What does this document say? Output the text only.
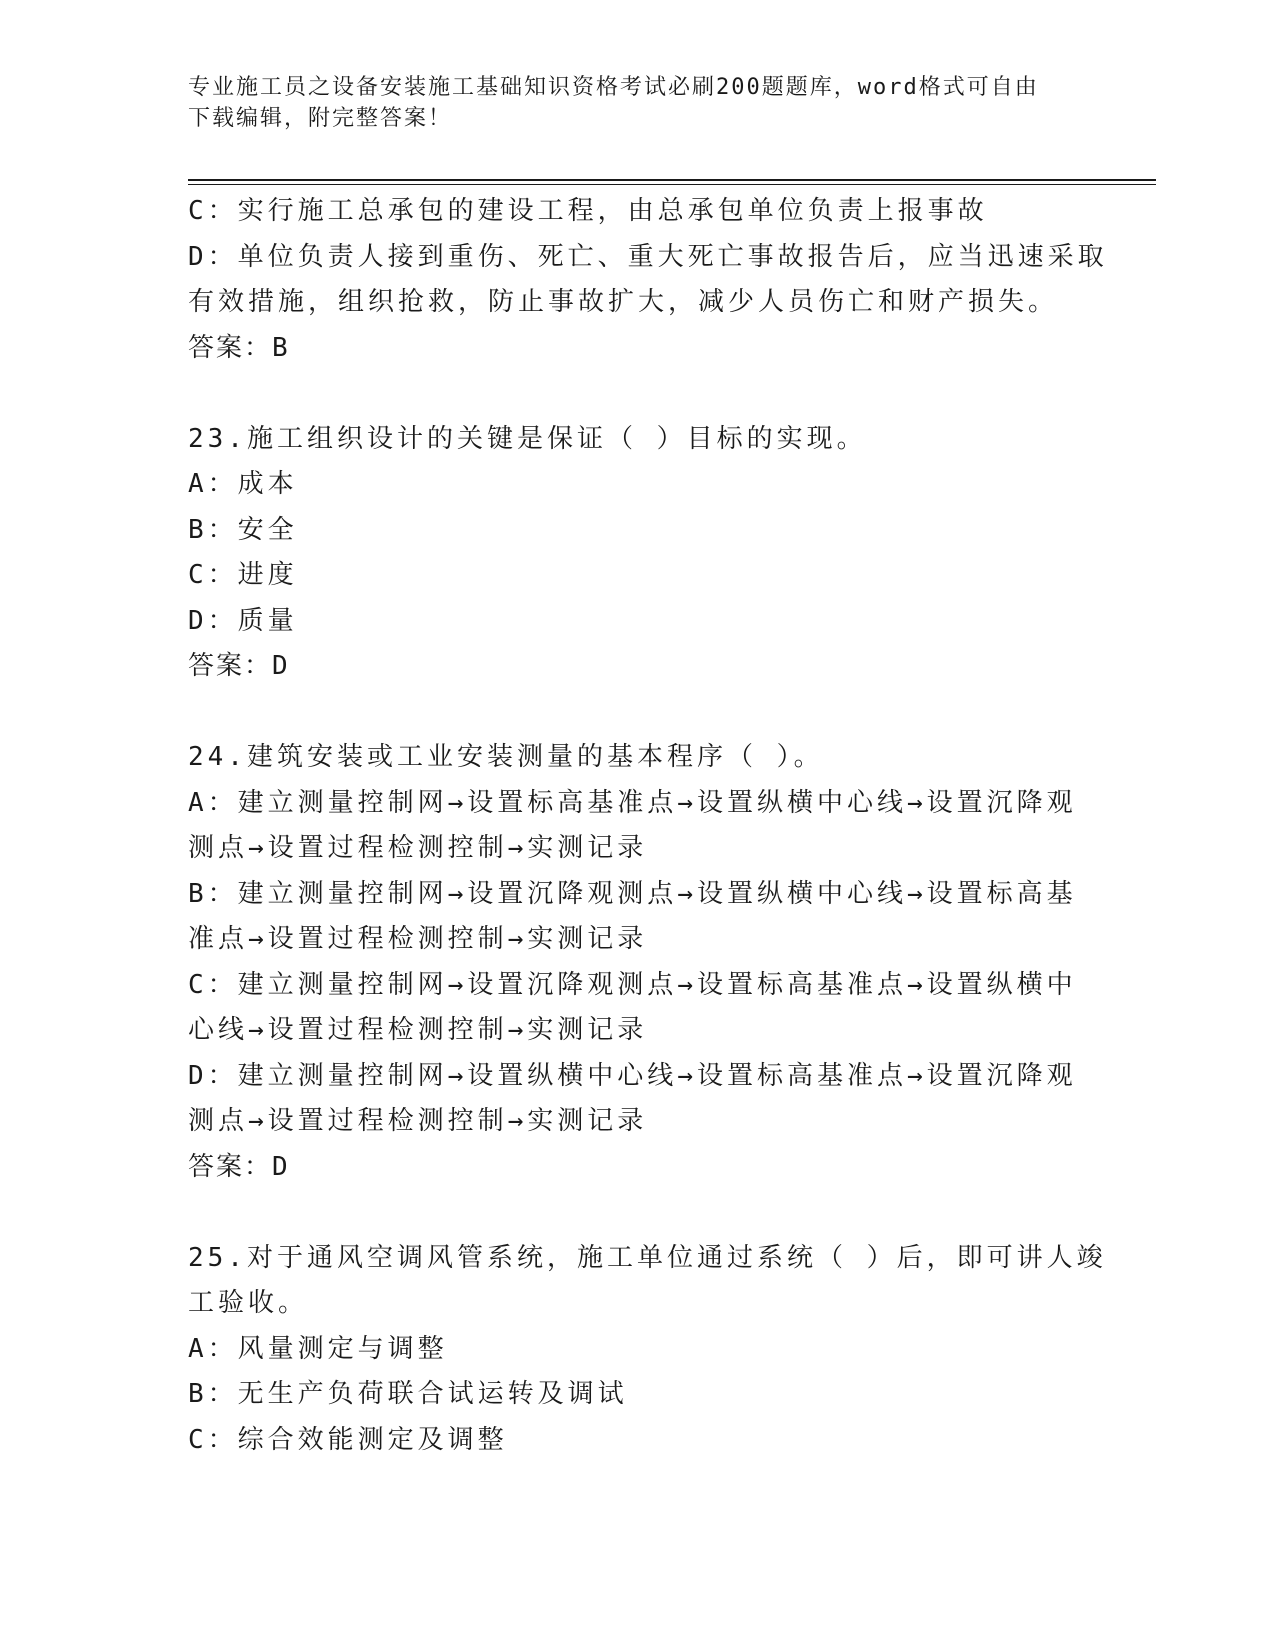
专业施工员之设备安装施工基础知识资格考试必刷200题题库，word格式可自由
下载编辑，附完整答案！
C：实行施工总承包的建设工程，由总承包单位负责上报事故
D：单位负责人接到重伤、死亡、重大死亡事故报告后，应当迅速采取
有效措施，组织抢救，防止事故扩大，减少人员伤亡和财产损失。
答案：B
23.施工组织设计的关键是保证（ ）目标的实现。
A：成本
B：安全
C：进度
D：质量
答案：D
24.建筑安装或工业安装测量的基本程序（ ）。
A：建立测量控制网→设置标高基准点→设置纵横中心线→设置沉降观
测点→设置过程检测控制→实测记录
B：建立测量控制网→设置沉降观测点→设置纵横中心线→设置标高基
准点→设置过程检测控制→实测记录
C：建立测量控制网→设置沉降观测点→设置标高基准点→设置纵横中
心线→设置过程检测控制→实测记录
D：建立测量控制网→设置纵横中心线→设置标高基准点→设置沉降观
测点→设置过程检测控制→实测记录
答案：D
25.对于通风空调风管系统，施工单位通过系统（ ）后，即可讲人竣
工验收。
A：风量测定与调整
B：无生产负荷联合试运转及调试
C：综合效能测定及调整
